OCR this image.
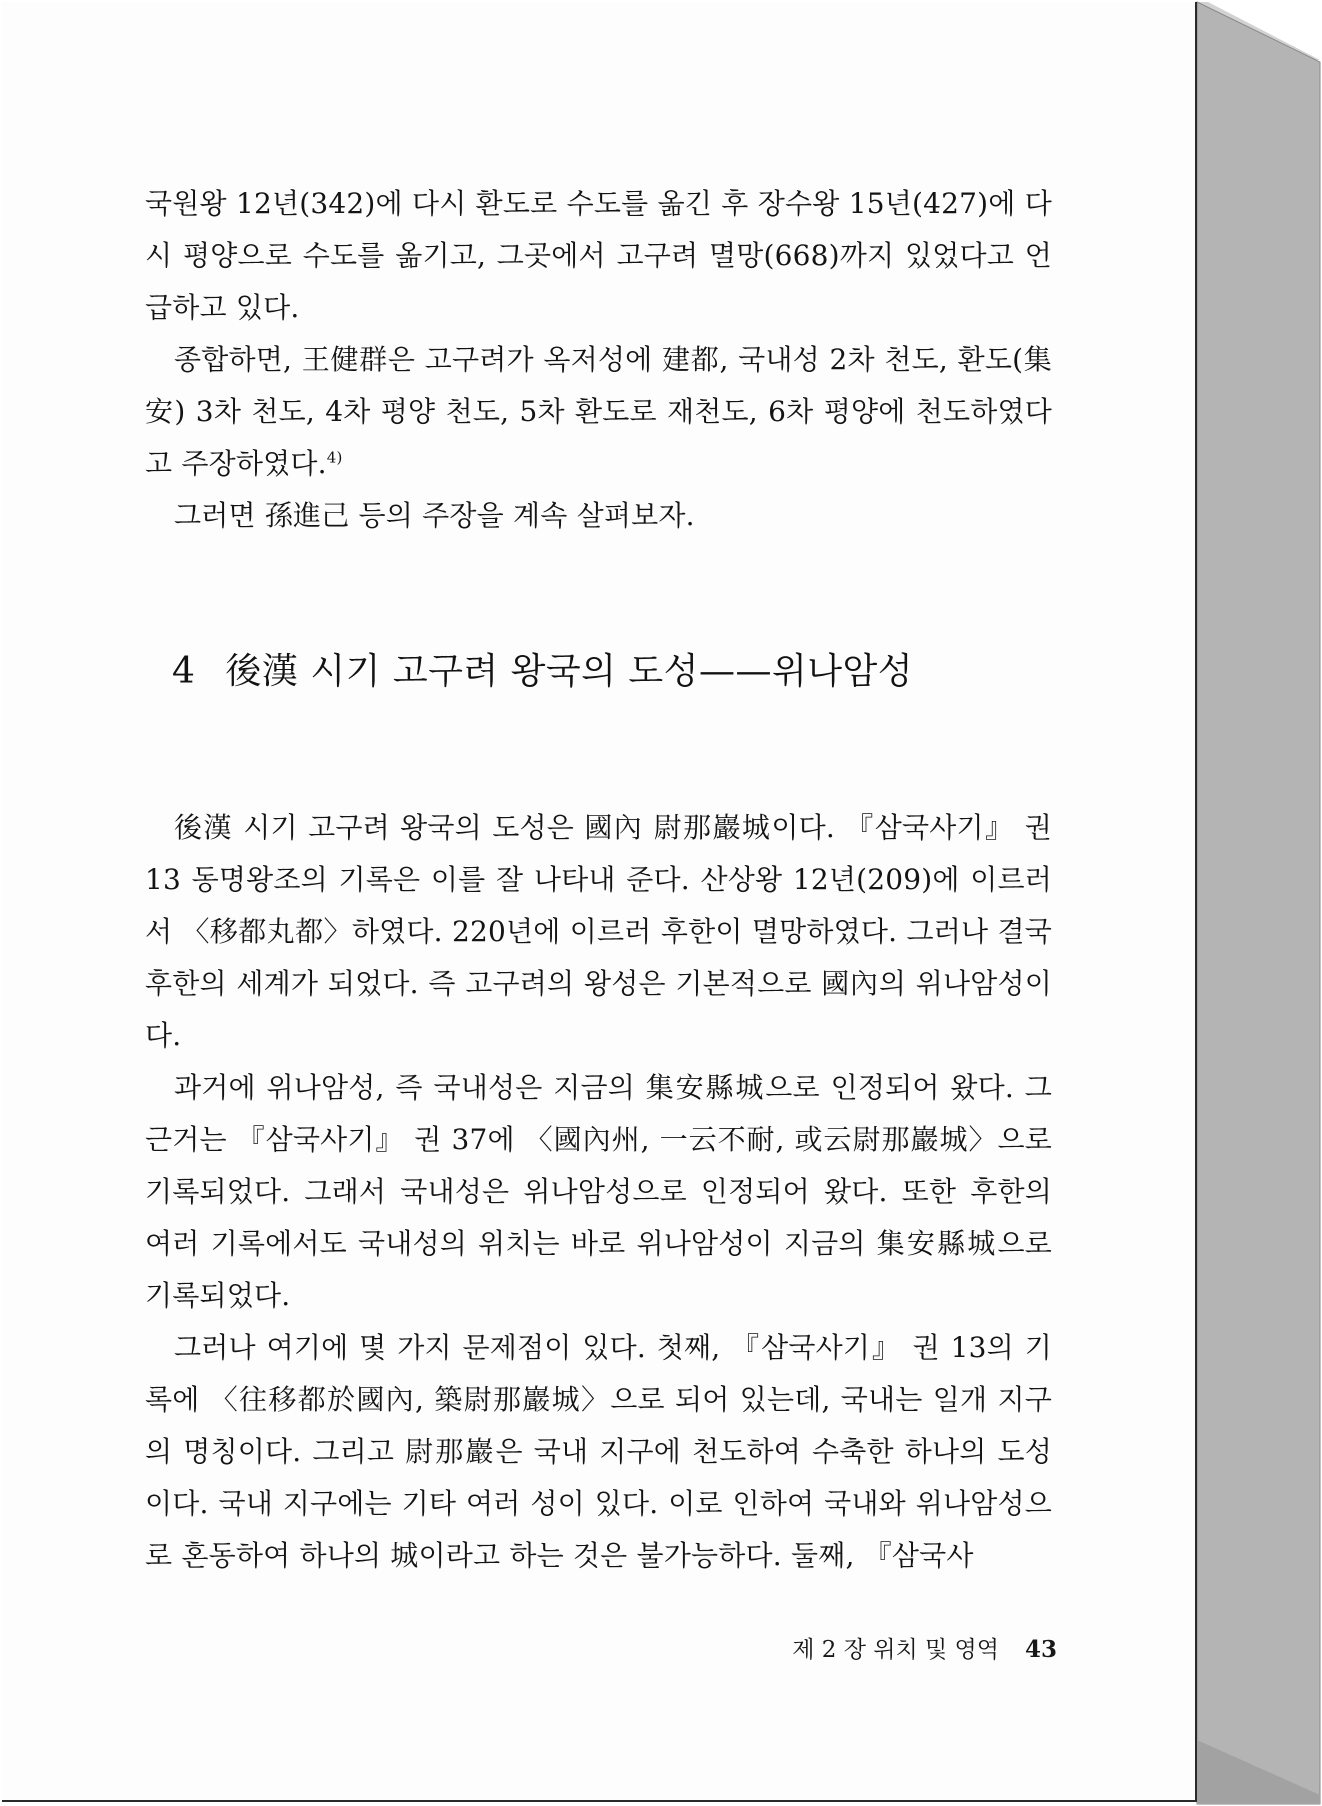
국원왕 12년(342)에 다시 환도로 수도를 옮긴 후 장수왕 15년(427)에 다시 평양으로 수도를 옮기고, 그곳에서 고구려 멸망(668)까지 있었다고 언급하고 있다.

종합하면, 王健群은 고구려가 옥저성에 建都, 국내성 2차 천도, 환도(集安) 3차 천도, 4차 평양 천도, 5차 환도로 재천도, 6차 평양에 천도하였다고 주장하였다.$^{4)}$

그러면 孫進己 등의 주장을 계속 살펴보자.

4 後漢 시기 고구려 왕국의 도성——위나암성

後漢 시기 고구려 왕국의 도성은 國內 尉那巖城이다. 『삼국사기』 권 13 동명왕조의 기록은 이를 잘 나타내 준다. 산상왕 12년(209)에 이르러서 〈移都丸都〉하였다. 220년에 이르러 후한이 멸망하였다. 그러나 결국 후한의 세계가 되었다. 즉 고구려의 왕성은 기본적으로 國內의 위나암성이다.

과거에 위나암성, 즉 국내성은 지금의 集安縣城으로 인정되어 왔다. 그 근거는 『삼국사기』 권 37에 〈國內州, 一云不耐, 或云尉那巖城〉으로 기록되었다. 그래서 국내성은 위나암성으로 인정되어 왔다. 또한 후한의 여러 기록에서도 국내성의 위치는 바로 위나암성이 지금의 集安縣城으로 기록되었다.

그러나 여기에 몇 가지 문제점이 있다. 첫째, 『삼국사기』 권 13의 기록에 〈往移都於國內, 築尉那巖城〉으로 되어 있는데, 국내는 일개 지구의 명칭이다. 그리고 尉那巖은 국내 지구에 천도하여 수축한 하나의 도성이다. 국내 지구에는 기타 여러 성이 있다. 이로 인하여 국내와 위나암성으로 혼동하여 하나의 城이라고 하는 것은 불가능하다. 둘째, 『삼국사

제 2 장 위치 및 영역 43
